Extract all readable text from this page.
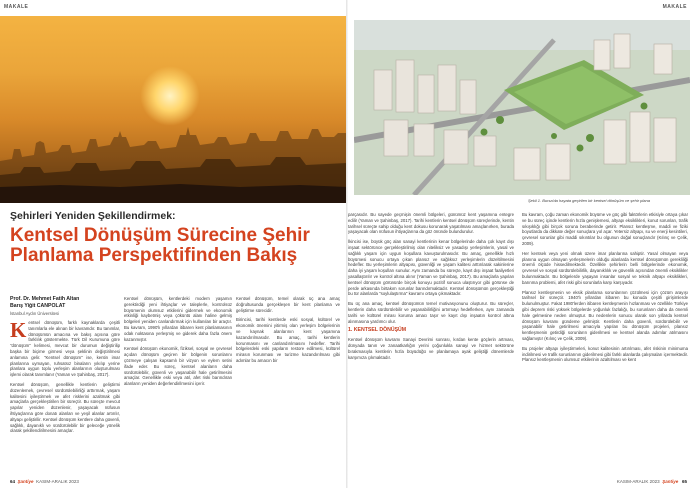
MAKALE
Şehirleri Yeniden Şekillendirmek:
Kentsel Dönüşüm Sürecine Şehir Planlama Perspektifinden Bakış
Prof. Dr. Mehmet Fatih Altan
Barış Yiğit CANPOLAT
İstanbul Aydın Üniversitesi
K entsel dönüşüm, farklı kaynaklarda çeşitli tanımlarla ele alınan bir kavramdır. Bu tanımlar, dönüşümün amacına ve bakış açısına göre farklılık göstermekte. Türk Dil Kurumuna göre "dönüşüm" kelimesi, mevcut bir durumun değiştirilip başka bir biçime girmesi veya şeklinin değiştirilmesi anlamına gelir. "Kentsel dönüşüm" ise, kentin imar planlarına uymayan, ruhsatsız binaların yıkılıp yerine planlara uygun toplu yerleşim alanlarının oluşturulması işlemi olarak tanımlanır (Yaman ve Şahinbaş, 2017).

Kentsel dönüşüm, genellikle kentlerin geliştirmi düzenlemek, çevresel sürdürülebilirliği arttırmak, yaşam kalitesini iyileştirmek ve afet risklerini azaltmak gibi amaçlarla gerçekleştirilen bir süreçtir. Bu süreçte mevcut yapılar yeniden düzenlenir, yaşayacak nüfusun ihtiyaçlarına göre donatı alanları ve yeşil alanlar artırılır, altyapı geliştirilir. Kentsel dönüşüm kentlere daha güvenli, sağlıklı, dayanıklı ve sürdürülebilir bir geleceğe yönelik olarak şekillendirilmesini amaçlar.

Kentsel dönüşüm, kentlerdeki modern yaşamın gerektirdiği yeni ihtiyaçlar ve taleplerle, kontrolsüz büyümenin olumsuz etkilerini gidermek ve ekonomik etkinliği kaybetmiş veya çöküntü alanı haline gelmiş bölgeleri yeniden canlandırmak için kullanılan bir araçtır. Bu kavram, 1990'lı yıllardan itibaren kent planlamasının odak noktasına yerleşmiş ve giderek daha fazla önem kazanmıştır.

Kentsel dönüşüm ekonomik, fiziksel, sosyal ve çevresel açıdan dönüşüm geçiren bir bölgenin sorunlarını çözmeye çalışan kapsamlı bir vizyon ve eylem setini ifade eder. Bu süreç, kentsel alanların daha sürdürülebilir, güvenli ve yaşanabilir hale getirilmesini amaçlar. Genellikle eski veya atıl, afet riski barındıran alanların yeniden değerlendirilmesini içerir.

Kentsel dönüşüm, temel olarak üç ana amaç doğrultusunda gerçekleşen bir kent planlama ve geliştirme sürecidir.

Birincisi, tarihi kentlerde eski sosyal, kültürel ve ekonomik önemini yitirmiş olan yerleşim bölgelerinin ve kaynak alanlarının kent yaşamına kazandırılmasıdır. Bu amaç, tarihi kentlerin korunmasını ve canlandırılmasını hedefler. Tarihi bölgelerdeki eski yapıların restore edilmesi, kültürel mirasın korunması ve turizme kazandırılması gibi adımlar bu amacın bir

64 Şantiye KASIM-ARALIK 2023
MAKALE
Şekil 1. Bursa'da hayata geçirilen bir kentsel dönüşüm ve şehir plana

parçasıdır. Bu sayede geçmişin önemli bölgeleri, günümüz kent yaşamına entegre edilir (Yaman ve Şahinbaş, 2017). Tarihi kentlerin kentsel dönüşüm süreçlerinde, kentin tarihsel süreçte sahip olduğu kent dokusu korunarak yaşatılması amaçlanırken, burada yaşayacak olan nüfusun ihtiyaçlarına da göz önünde bulundurulur.

İkincisi ise, büyük göç alan sanayi kentlerinin kenar bölgelerinde daha çok kayıt dışı inşaat sektörünce gerçekleştirilmiş olan niteliksiz ve yasadışı yerleşimlerin, yasal ve sağlıklı yaşam için uygun koşullara kavuşturulmasıdır. Bu amaç, genellikle hızlı büyümesi sonucu ortaya çıkan plansız ve sağlıksız yerleşimlerin düzeltilmesini hedefler. Bu yerleşimlerin altyapısı, güvenliği ve yaşam kalitesi arttırılarak sakinlerine daha iyi yaşam koşulları sunulur. Aynı zamanda bu süreçte, kayıt dışı inşaat faaliyetleri yasallaştırılır ve kontrol altına alınır (Yaman ve Şahinbaş, 2017). Bu amaçlarla yapılan kentsel dönüşüm görünürde birçok konuyu pozitif sonuca ulaştırıyor gibi görünse de perde arkasında birtakım sorunlar barındırmaktadır. Kentsel dönüşümün gerçekleştiği bu tür alanlarda "soylulaştırma" kavramı ortaya çıkmaktadır.

Bu üç ana amaç, kentsel dönüşümün temel motivasyonunu oluşturur. Bu süreçler, kentlerin daha sürdürülebilir ve yaşanabilirliğini artırmayı hedeflerken, aynı zamanda tarihi ve kültürel mirası koruma amacı taşır ve kayıt dışı inşaatın kontrol altına alınmasına yardımcı olur.

1. KENTSEL DÖNÜŞÜM

Kentsel dönüşüm kavramı Sanayi Devrimi sonrası, kırdan kente göçlerin artması, dünyada tanın ve zanaatkarlığın yerini çoğunlukla sanayi ve hizmet sektörüne bırakmasıyla kentlerin hızla büyüdüğü ve planlamaya ayak geliştiği dönemlerde karşımıza çıkmaktadır.

Bu kavram, çoğu zaman ekonomik büyüme ve göç gibi faktörlerin etkisiyle ortaya çıkar ve bu süreç içinde kentlerin hızla genişlemesi, altyapı eksiklikleri, konut sorunları, trafik sıkışıklığı gibi birçok soruna beraberinde getirir. Plansız kentleşme, maddi ve fiziki boyutlarda da dikkate değer sonuçlara yol açar. Yetersiz altyapı, su ve enerji kesintileri, çevresel sorunlar gibi maddi sıkıntılar bu olgunun doğal sonuçlarıdır (Kılınç ve Çelik, 2009).

Her kentsek veya yeni olmak üzere imar planlarına sahiptir. Yasal olmayan veya planına uygun olmayan yerleşmelerin olduğu alanlarda kentsel dönüşümün gerekliliği önemli ölçüde hissedilmektedir. Özellikle şehirlerin belli bölgelerinde ekonomik, çevresel ve sosyal sürdürülebilirlik, dayanıklılık ve güvenlik açısından önemli eksiklikler bulunmaktadır. Bu bölgelerde yaşayan insanlar sosyal ve teknik altyapı eksiklikleri, barınma problemi, afet riski gibi sorunlarla karşı karşıyadır.

Plansız kentleşmenin ve eksik planlama sorunlarının çözülmesi için çözüm arayışı tarihsel bir süreçtir. 1940'lı yıllardan itibaren bu konuda çeşitli girişimlerde bulunulmuştur. Fakat 1980'lerden itibaren kentleşmenin hızlanması ve özellikle Türkiye gibi deprem riski yüksek bölgelerde yoğunluk fazlalığı, bu sorunların daha da önemli hale gelmesine neden olmuştur. Bu nedenlerin sonucu olarak son yıllarda kentsel dönüşüm kavramı gündeme gelmiştir. Kentlerin daha güvenli, sürdürülebilir ve yaşanabilir hale getirilmesi amacıyla yapılan bu dönüşüm projeleri, plansız kentleşmenin getirdiği sorunların giderilmesi ve kentsel alanda adımlar atılmasını sağlamıştır (Kılınç ve Çelik, 2009).

Bu projeler altyapı iyileştirmeleri, konut kalitesinin artırılması, afet riskinin minimuma indirilmesi ve trafik sorunlarının giderilmesi gibi farklı alanlarda çalışmaları içermektedir. Plansız kentleşmenin olumsuz etkilerinin azaltılması ve kent

KASIM-ARALIK 2023 Şantiye 65
